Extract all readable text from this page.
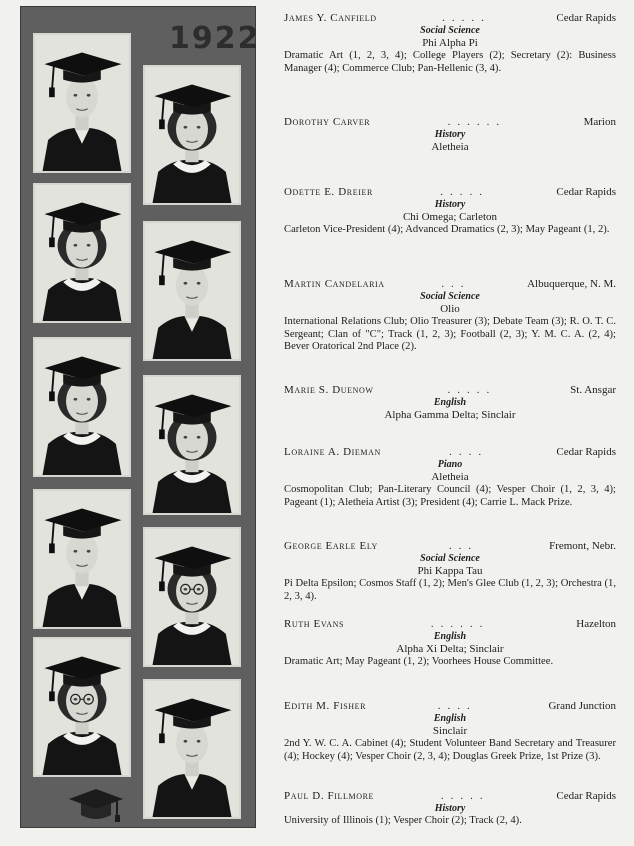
1922
James Y. Canfield	.....	Cedar Rapids
Social Science
Phi Alpha Pi
Dramatic Art (1, 2, 3, 4); College Players (2); Secretary (2): Business Manager (4); Commerce Club; Pan-Hellenic (3, 4).
Dorothy Carver	......	Marion
History
Aletheia
Odette E. Dreier	.....	Cedar Rapids
History
Chi Omega; Carleton
Carleton Vice-President (4); Advanced Dramatics (2, 3); May Pageant (1, 2).
Martin Candelaria	...	Albuquerque, N. M.
Social Science
Olio
International Relations Club; Olio Treasurer (3); Debate Team (3); R. O. T. C. Sergeant; Clan of "C"; Track (1, 2, 3); Football (2, 3); Y. M. C. A. (2, 4); Bever Oratorical 2nd Place (2).
Marie S. Duenow	.....	St. Ansgar
English
Alpha Gamma Delta; Sinclair
Loraine A. Dieman	....	Cedar Rapids
Piano
Aletheia
Cosmopolitan Club; Pan-Literary Council (4); Vesper Choir (1, 2, 3, 4); Pageant (1); Aletheia Artist (3); President (4); Carrie L. Mack Prize.
George Earle Ely	...	Fremont, Nebr.
Social Science
Phi Kappa Tau
Pi Delta Epsilon; Cosmos Staff (1, 2); Men's Glee Club (1, 2, 3); Orchestra (1, 2, 3, 4).
Ruth Evans	......	Hazelton
English
Alpha Xi Delta; Sinclair
Dramatic Art; May Pageant (1, 2); Voorhees House Committee.
Edith M. Fisher	....	Grand Junction
English
Sinclair
2nd Y. W. C. A. Cabinet (4); Student Volunteer Band Secretary and Treasurer (4); Hockey (4); Vesper Choir (2, 3, 4); Douglas Greek Prize, 1st Prize (3).
Paul D. Fillmore	.....	Cedar Rapids
History
University of Illinois (1); Vesper Choir (2); Track (2, 4).
